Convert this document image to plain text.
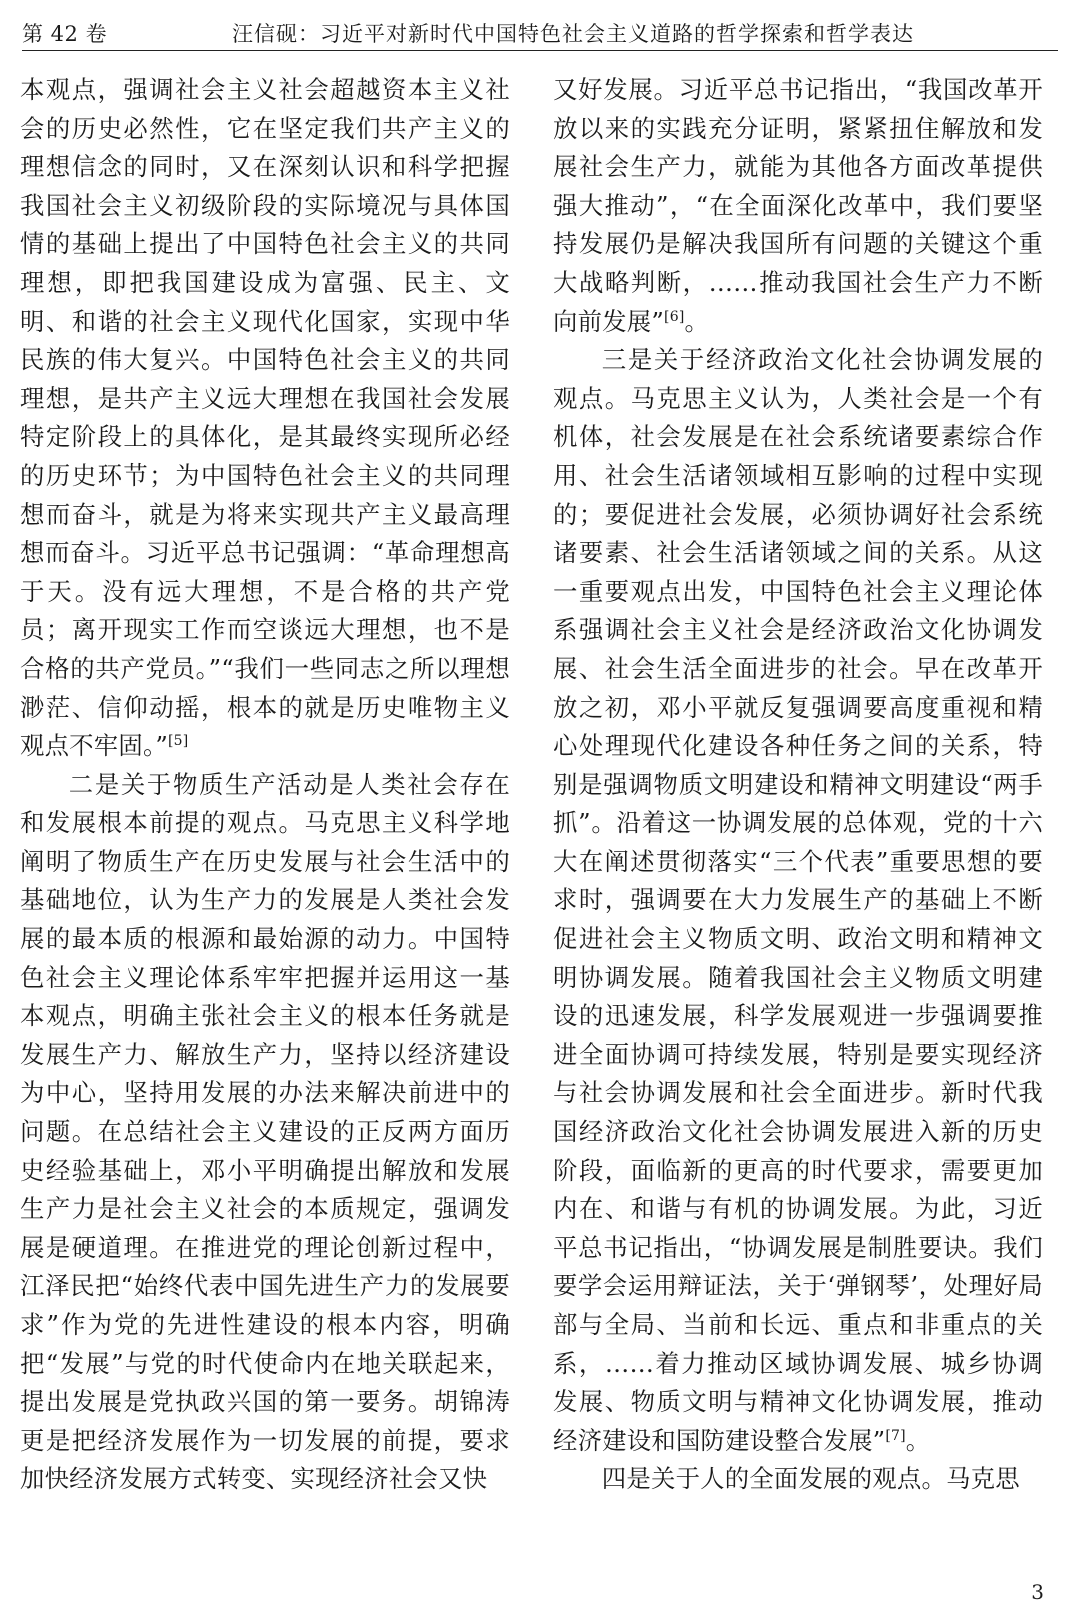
第 42 卷	汪信砚：习近平对新时代中国特色社会主义道路的哲学探索和哲学表达

本观点，强调社会主义社会超越资本主义社会的历史必然性，它在坚定我们共产主义的理想信念的同时，又在深刻认识和科学把握我国社会主义初级阶段的实际境况与具体国情的基础上提出了中国特色社会主义的共同理想，即把我国建设成为富强、民主、文明、和谐的社会主义现代化国家，实现中华民族的伟大复兴。中国特色社会主义的共同理想，是共产主义远大理想在我国社会发展特定阶段上的具体化，是其最终实现所必经的历史环节；为中国特色社会主义的共同理想而奋斗，就是为将来实现共产主义最高理想而奋斗。习近平总书记强调：“革命理想高于天。没有远大理想，不是合格的共产党员；离开现实工作而空谈远大理想，也不是合格的共产党员。”“我们一些同志之所以理想渺茫、信仰动摇，根本的就是历史唯物主义观点不牢固。”[5]

二是关于物质生产活动是人类社会存在和发展根本前提的观点。马克思主义科学地阐明了物质生产在历史发展与社会生活中的基础地位，认为生产力的发展是人类社会发展的最本质的根源和最始源的动力。中国特色社会主义理论体系牢牢把握并运用这一基本观点，明确主张社会主义的根本任务就是发展生产力、解放生产力，坚持以经济建设为中心，坚持用发展的办法来解决前进中的问题。在总结社会主义建设的正反两方面历史经验基础上，邓小平明确提出解放和发展生产力是社会主义社会的本质规定，强调发展是硬道理。在推进党的理论创新过程中，江泽民把“始终代表中国先进生产力的发展要求”作为党的先进性建设的根本内容，明确把“发展”与党的时代使命内在地关联起来，提出发展是党执政兴国的第一要务。胡锦涛更是把经济发展作为一切发展的前提，要求加快经济发展方式转变、实现经济社会又快

又好发展。习近平总书记指出，“我国改革开放以来的实践充分证明，紧紧扭住解放和发展社会生产力，就能为其他各方面改革提供强大推动”，“在全面深化改革中，我们要坚持发展仍是解决我国所有问题的关键这个重大战略判断，……推动我国社会生产力不断向前发展”[6]。

三是关于经济政治文化社会协调发展的观点。马克思主义认为，人类社会是一个有机体，社会发展是在社会系统诸要素综合作用、社会生活诸领域相互影响的过程中实现的；要促进社会发展，必须协调好社会系统诸要素、社会生活诸领域之间的关系。从这一重要观点出发，中国特色社会主义理论体系强调社会主义社会是经济政治文化协调发展、社会生活全面进步的社会。早在改革开放之初，邓小平就反复强调要高度重视和精心处理现代化建设各种任务之间的关系，特别是强调物质文明建设和精神文明建设“两手抓”。沿着这一协调发展的总体观，党的十六大在阐述贯彻落实“三个代表”重要思想的要求时，强调要在大力发展生产的基础上不断促进社会主义物质文明、政治文明和精神文明协调发展。随着我国社会主义物质文明建设的迅速发展，科学发展观进一步强调要推进全面协调可持续发展，特别是要实现经济与社会协调发展和社会全面进步。新时代我国经济政治文化社会协调发展进入新的历史阶段，面临新的更高的时代要求，需要更加内在、和谐与有机的协调发展。为此，习近平总书记指出，“协调发展是制胜要诀。我们要学会运用辩证法，关于‘弹钢琴’，处理好局部与全局、当前和长远、重点和非重点的关系，……着力推动区域协调发展、城乡协调发展、物质文明与精神文化协调发展，推动经济建设和国防建设整合发展”[7]。

四是关于人的全面发展的观点。马克思

3
